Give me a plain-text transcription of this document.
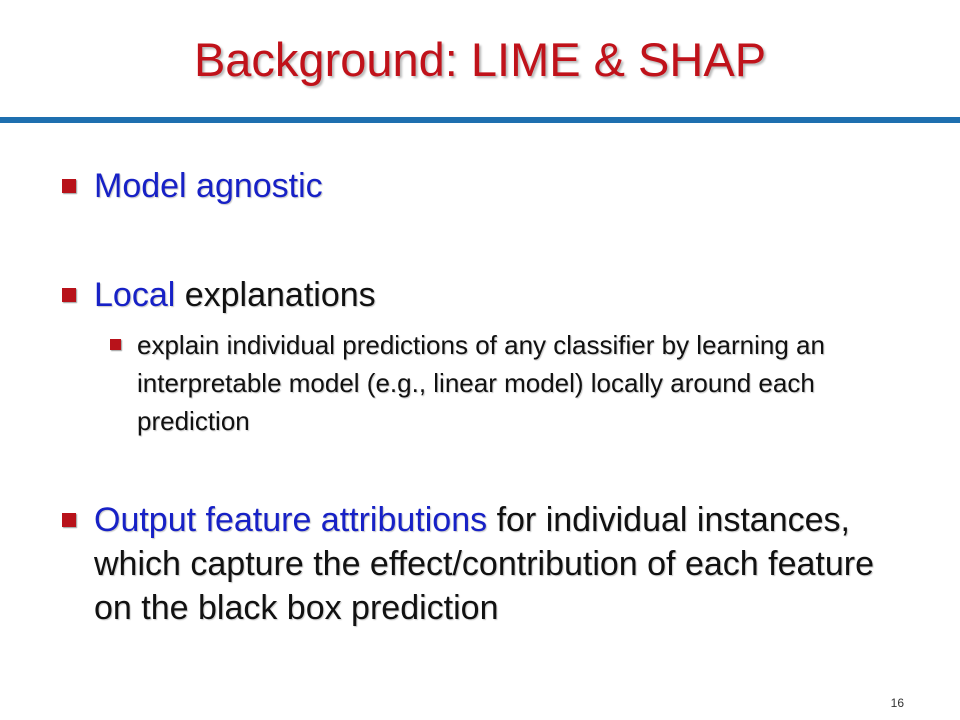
Background: LIME & SHAP

Model agnostic

Local explanations

explain individual predictions of any classifier by learning an interpretable model (e.g., linear model) locally around each prediction

Output feature attributions for individual instances, which capture the effect/contribution of each feature on the black box prediction

16
